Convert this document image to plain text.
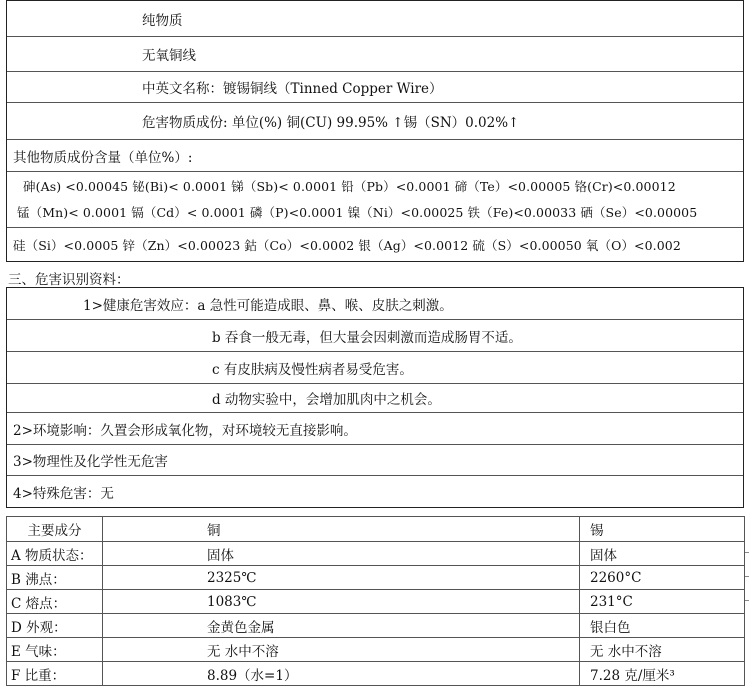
纯物质
无氧铜线
中英文名称：镀锡铜线（Tinned Copper Wire）
危害物质成份: 单位(%) 铜(CU) 99.95% ↑锡（SN）0.02%↑
其他物质成份含量（单位%）:
砷(As) <0.00045 铋(Bi)< 0.0001 锑（Sb)< 0.0001 铅（Pb）<0.0001 碲（Te）<0.00005 铬(Cr)<0.00012
锰（Mn)< 0.0001 镉（Cd）< 0.0001 磷（P)<0.0001 镍（Ni）<0.00025 铁（Fe)<0.00033 硒（Se）<0.00005
硅（Si）<0.0005 锌（Zn）<0.00023 鈷（Co）<0.0002 银（Ag）<0.0012 硫（S）<0.00050 氧（O）<0.002
三、危害识别资料：
1>健康危害效应：a 急性可能造成眼、鼻、喉、皮肤之刺激。
b 吞食一般无毒，但大量会因刺激而造成肠胃不适。
c 有皮肤病及慢性病者易受危害。
d 动物实验中，会增加肌肉中之机会。
2>环境影响：久置会形成氧化物，对环境较无直接影响。
3>物理性及化学性无危害
4>特殊危害：无
主要成分	铜	锡
A 物质状态：	固体	固体
B 沸点：	2325℃	2260°C
C 熔点：	1083℃	231°C
D 外观：	金黄色金属	银白色
E 气味：	无 水中不溶	无 水中不溶
F 比重：	8.89（水=1）	7.28 克/厘米³
